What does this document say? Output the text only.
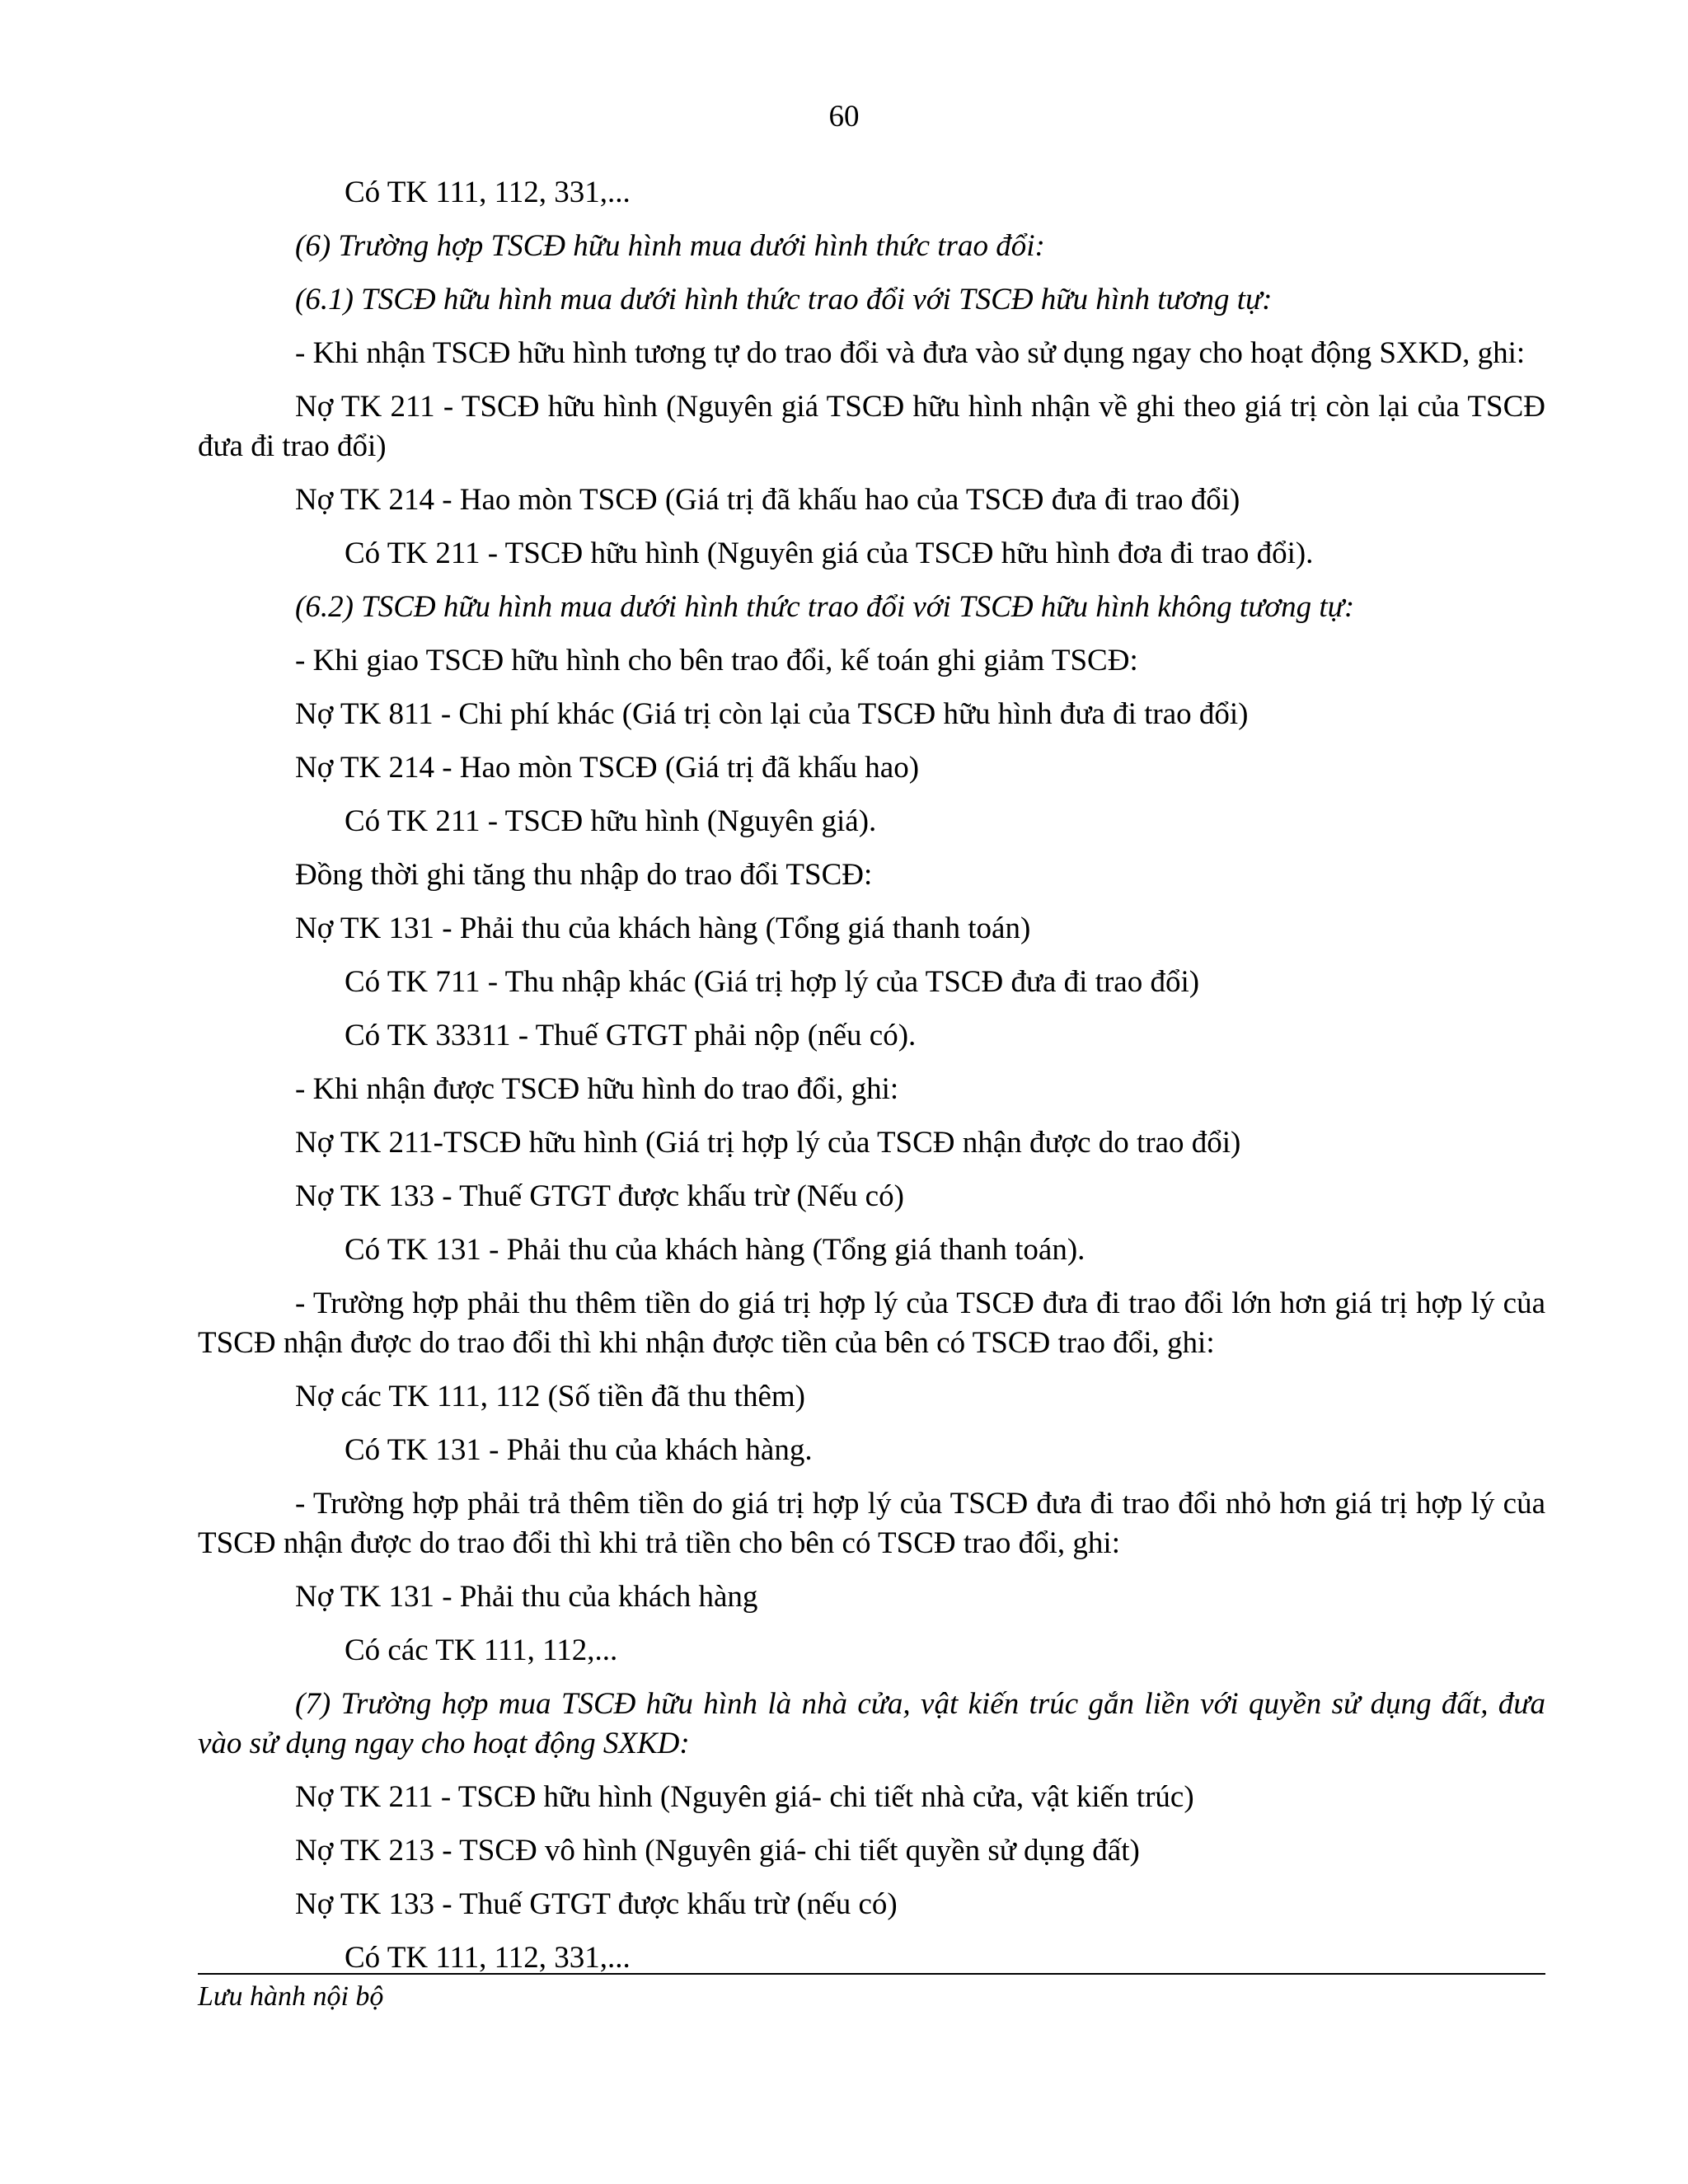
60
Có TK 111, 112, 331,...
(6) Trường hợp TSCĐ hữu hình mua dưới hình thức trao đổi:
(6.1) TSCĐ hữu hình mua dưới hình thức trao đổi với TSCĐ hữu hình tương tự:
- Khi nhận TSCĐ hữu hình tương tự do trao đổi và đưa vào sử dụng ngay cho hoạt động SXKD, ghi:
Nợ TK 211 - TSCĐ hữu hình (Nguyên giá TSCĐ hữu hình nhận về ghi theo giá trị còn lại của TSCĐ đưa đi trao đổi)
Nợ TK 214 - Hao mòn TSCĐ (Giá trị đã khấu hao của TSCĐ đưa đi trao đổi)
Có TK 211 - TSCĐ hữu hình (Nguyên giá của TSCĐ hữu hình đơa đi trao đổi).
(6.2) TSCĐ hữu hình mua dưới hình thức trao đổi với TSCĐ hữu hình không tương tự:
- Khi giao TSCĐ hữu hình cho bên trao đổi, kế toán ghi giảm TSCĐ:
Nợ TK 811 - Chi phí khác (Giá trị còn lại của TSCĐ hữu hình đưa đi trao đổi)
Nợ TK 214 - Hao mòn TSCĐ (Giá trị đã khấu hao)
Có TK 211 - TSCĐ hữu hình (Nguyên giá).
Đồng thời ghi tăng thu nhập do trao đổi TSCĐ:
Nợ TK 131 - Phải thu của khách hàng (Tổng giá thanh toán)
Có TK 711 - Thu nhập khác (Giá trị hợp lý của TSCĐ đưa đi trao đổi)
Có TK 33311 - Thuế GTGT phải nộp (nếu có).
- Khi nhận được TSCĐ hữu hình do trao đổi, ghi:
Nợ TK 211-TSCĐ hữu hình (Giá trị hợp lý của TSCĐ nhận được do trao đổi)
Nợ TK 133 - Thuế GTGT được khấu trừ (Nếu có)
Có TK 131 - Phải thu của khách hàng (Tổng giá thanh toán).
- Trường hợp phải thu thêm tiền do giá trị hợp lý của TSCĐ đưa đi trao đổi lớn hơn giá trị hợp lý của TSCĐ nhận được do trao đổi thì khi nhận được tiền của bên có TSCĐ trao đổi, ghi:
Nợ các TK 111, 112 (Số tiền đã thu thêm)
Có TK 131 - Phải thu của khách hàng.
- Trường hợp phải trả thêm tiền do giá trị hợp lý của TSCĐ đưa đi trao đổi nhỏ hơn giá trị hợp lý của TSCĐ nhận được do trao đổi thì khi trả tiền cho bên có TSCĐ trao đổi, ghi:
Nợ TK 131 - Phải thu của khách hàng
Có các TK 111, 112,...
(7) Trường hợp mua TSCĐ hữu hình là nhà cửa, vật kiến trúc gắn liền với quyền sử dụng đất, đưa vào sử dụng ngay cho hoạt động SXKD:
Nợ TK 211 - TSCĐ hữu hình (Nguyên giá- chi tiết nhà cửa, vật kiến trúc)
Nợ TK 213 - TSCĐ vô hình (Nguyên giá- chi tiết quyền sử dụng đất)
Nợ TK 133 - Thuế GTGT được khấu trừ (nếu có)
Có TK 111, 112, 331,...
Lưu hành nội bộ
